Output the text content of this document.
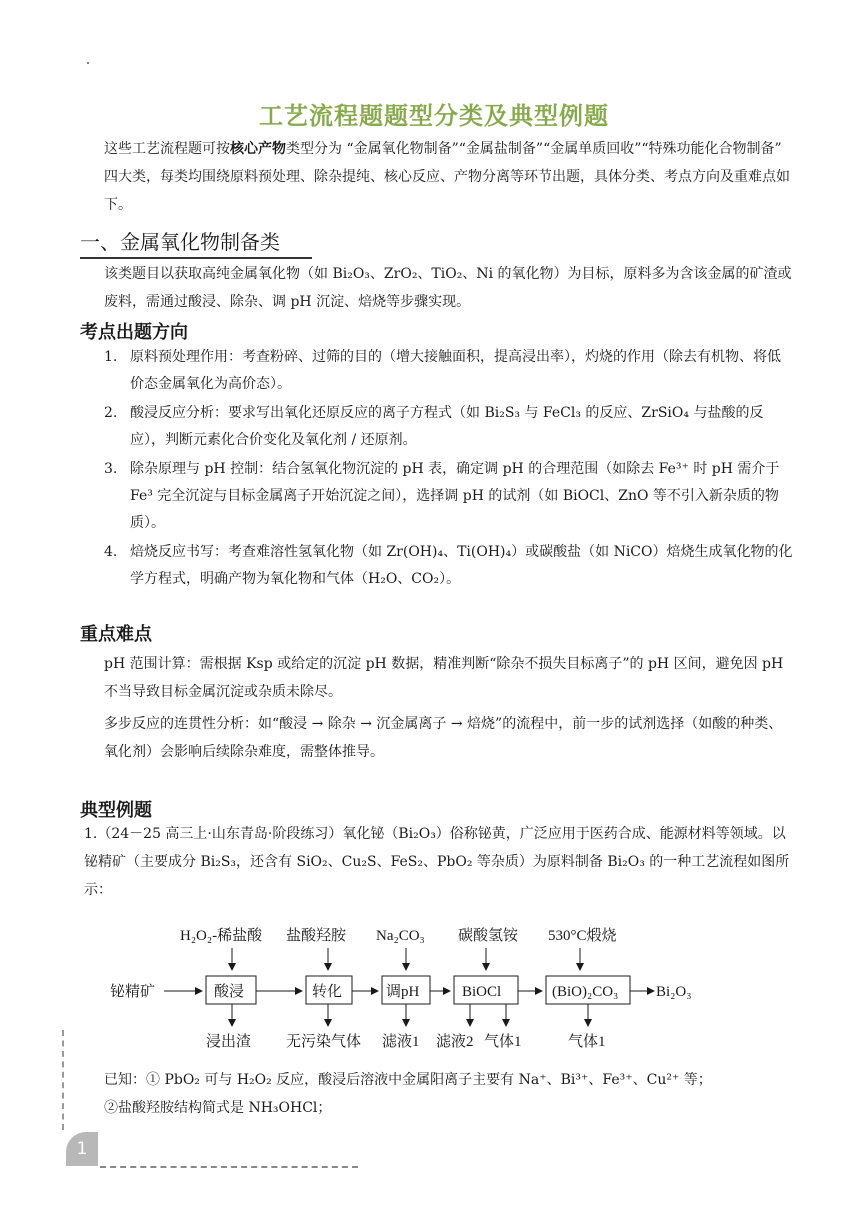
工艺流程题题型分类及典型例题

这些工艺流程题可按核心产物类型分为 “金属氧化物制备”“金属盐制备”“金属单质回收”“特殊功能化合物制备” 四大类，每类均围绕原料预处理、除杂提纯、核心反应、产物分离等环节出题，具体分类、考点方向及重难点如下。

一、金属氧化物制备类

该类题目以获取高纯金属氧化物（如 Bi₂O₃、ZrO₂、TiO₂、Ni 的氧化物）为目标，原料多为含该金属的矿渣或废料，需通过酸浸、除杂、调 pH 沉淀、焙烧等步骤实现。

考点出题方向
1. 原料预处理作用：考查粉碎、过筛的目的（增大接触面积，提高浸出率），灼烧的作用（除去有机物、将低价态金属氧化为高价态）。
2. 酸浸反应分析：要求写出氧化还原反应的离子方程式（如 Bi₂S₃ 与 FeCl₃ 的反应、ZrSiO₄ 与盐酸的反应），判断元素化合价变化及氧化剂 / 还原剂。
3. 除杂原理与 pH 控制：结合氢氧化物沉淀的 pH 表，确定调 pH 的合理范围（如除去 Fe³⁺ 时 pH 需介于 Fe³ 完全沉淀与目标金属离子开始沉淀之间），选择调 pH 的试剂（如 BiOCl、ZnO 等不引入新杂质的物质）。
4. 焙烧反应书写：考查难溶性氢氧化物（如 Zr(OH)₄、Ti(OH)₄）或碳酸盐（如 NiCO）焙烧生成氧化物的化学方程式，明确产物为氧化物和气体（H₂O、CO₂）。
重点难点

pH 范围计算：需根据 Ksp 或给定的沉淀 pH 数据，精准判断“除杂不损失目标离子”的 pH 区间，避免因 pH 不当导致目标金属沉淀或杂质未除尽。

多步反应的连贯性分析：如“酸浸 → 除杂 → 沉金属离子 → 焙烧”的流程中，前一步的试剂选择（如酸的种类、氧化剂）会影响后续除杂难度，需整体推导。

典型例题

1.（24－25 高三上·山东青岛·阶段练习）氧化铋（Bi₂O₃）俗称铋黄，广泛应用于医药合成、能源材料等领域。以铋精矿（主要成分 Bi₂S₃，还含有 SiO₂、Cu₂S、FeS₂、PbO₂ 等杂质）为原料制备 Bi₂O₃ 的一种工艺流程如图所示：

H₂O₂-稀盐酸 盐酸羟胺 Na₂CO₃ 碳酸氢铵 530°C煅烧
铋精矿	酸浸	转化	调pH	BiOCl	(BiO)₂CO₃	Bi₂O₃
浸出渣 无污染气体 滤液1 滤液2 气体1	气体1

已知：① PbO₂ 可与 H₂O₂ 反应，酸浸后溶液中金属阳离子主要有 Na⁺、Bi³⁺、Fe³⁺、Cu²⁺ 等；

②盐酸羟胺结构简式是 NH₃OHCl；

1
